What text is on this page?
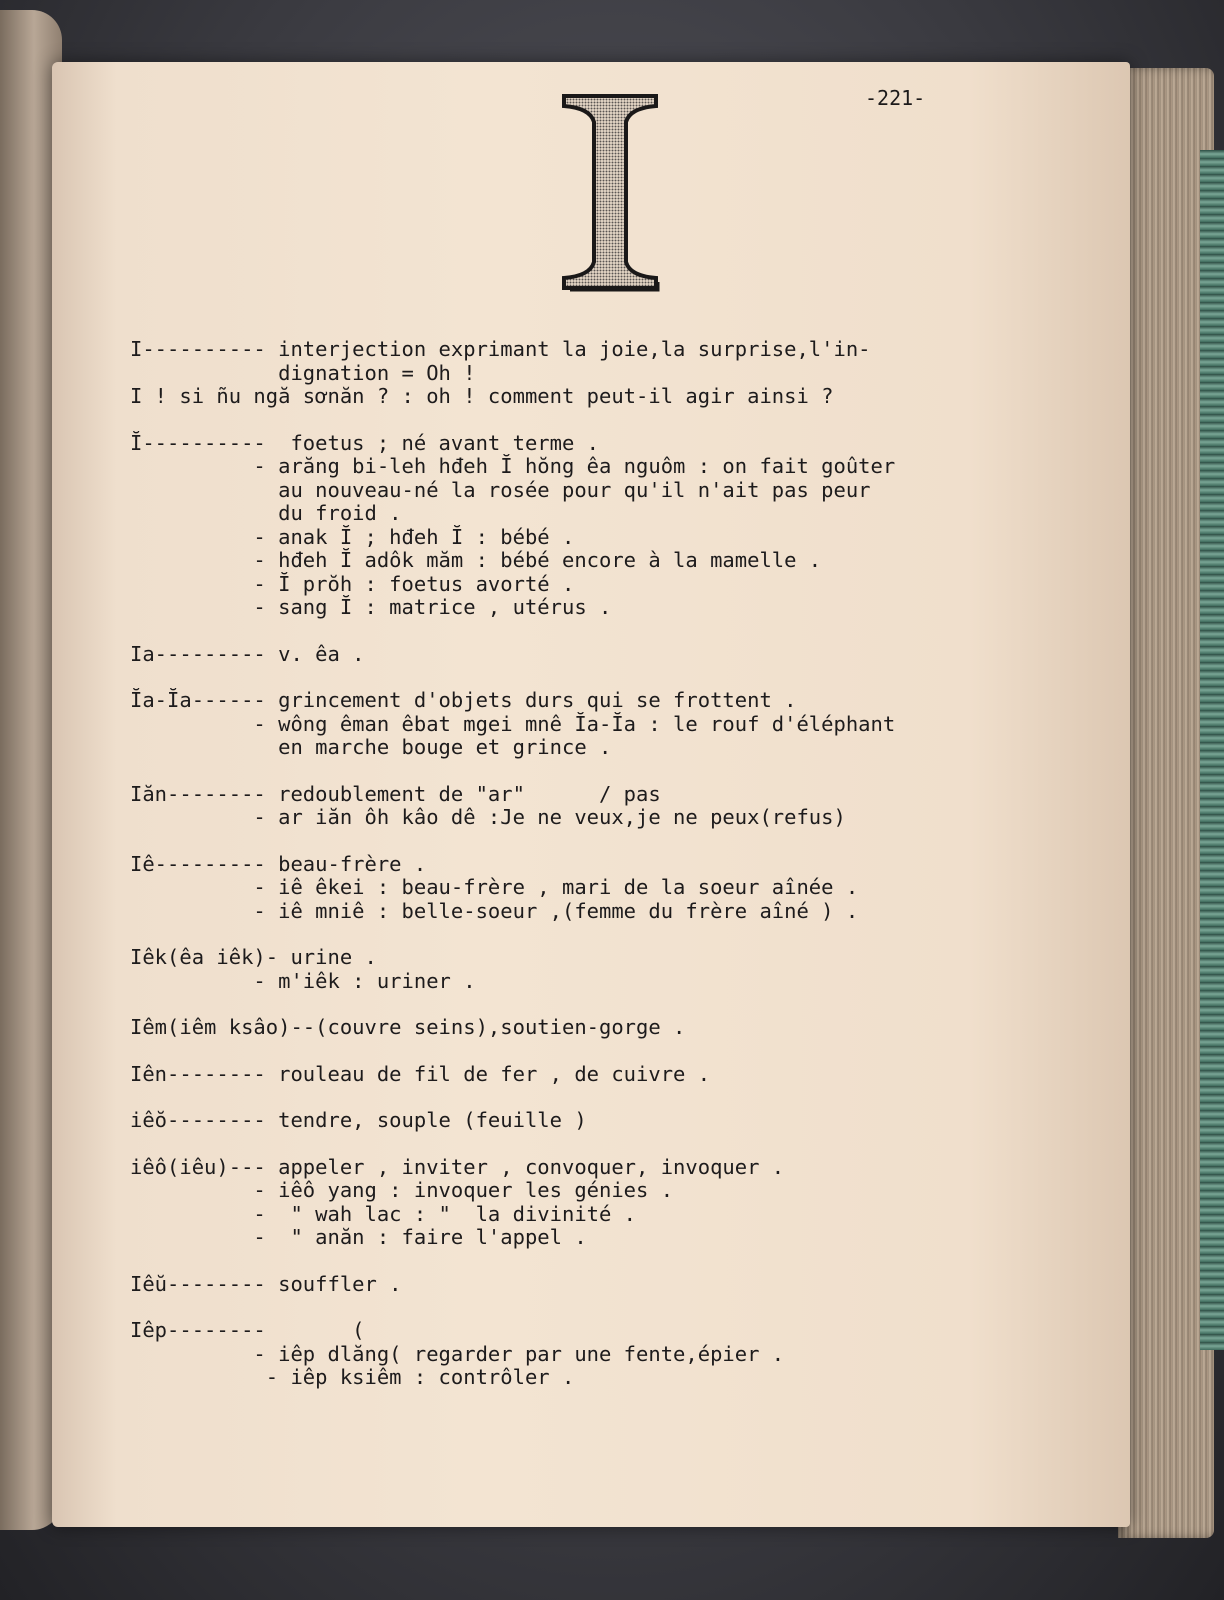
-221-
I---------- interjection exprimant la joie,la surprise,l'in-
dignation = Oh !
I ! si ñu ngă sơnăn ? : oh ! comment peut-il agir ainsi ?
Ĭ----------  foetus ; né avant terme .
- arăng bi-leh hđeh Ĭ hŏng êa nguôm : on fait goûter
au nouveau-né la rosée pour qu'il n'ait pas peur
du froid .
- anak Ĭ ; hđeh Ĭ : bébé .
- hđeh Ĭ adôk măm : bébé encore à la mamelle .
- Ĭ prŏh : foetus avorté .
- sang Ĭ : matrice , utérus .
Ia--------- v. êa .
Ĭa-Ĭa------ grincement d'objets durs qui se frottent .
- wông êman êbat mgei mnê Ĭa-Ĭa : le rouf d'éléphant
en marche bouge et grince .
Iăn-------- redoublement de "ar"      / pas
- ar iăn ôh kâo dê :Je ne veux,je ne peux(refus)
Iê--------- beau-frère .
- iê êkei : beau-frère , mari de la soeur aînée .
- iê mniê : belle-soeur ,(femme du frère aîné ) .
Iêk(êa iêk)- urine .
- m'iêk : uriner .
Iêm(iêm ksâo)--(couvre seins),soutien-gorge .
Iên-------- rouleau de fil de fer , de cuivre .
iêŏ-------- tendre, souple (feuille )
iêô(iêu)--- appeler , inviter , convoquer, invoquer .
- iêô yang : invoquer les génies .
-  " wah lac : "  la divinité .
-  " anăn : faire l'appel .
Iêŭ-------- souffler .
Iêp--------       (
- iêp dlăng( regarder par une fente,épier .
- iêp ksiêm : contrôler .
